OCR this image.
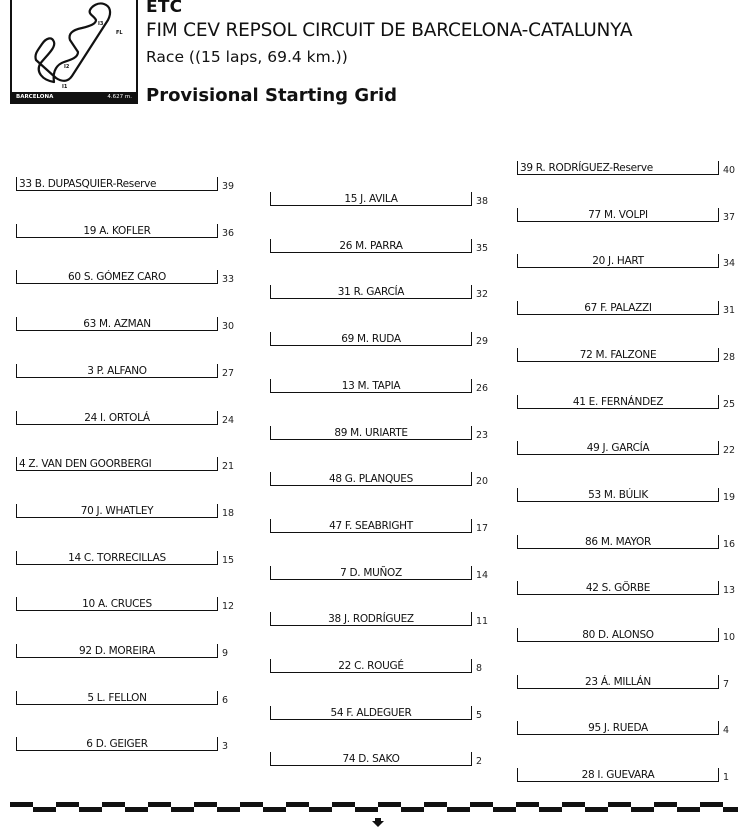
I3
FL
I2
I1
BARCELONA	4.627 m.
ETC
FIM CEV REPSOL CIRCUIT DE BARCELONA-CATALUNYA
Race ((15 laps, 69.4 km.))
Provisional Starting Grid
33 B. DUPASQUIER-Reserve	39
19 A. KOFLER	36
60 S. GÓMEZ CARO	33
63 M. AZMAN	30
3 P. ALFANO	27
24 I. ORTOLÁ	24
4 Z. VAN DEN GOORBERGI	21
70 J. WHATLEY	18
14 C. TORRECILLAS	15
10 A. CRUCES	12
92 D. MOREIRA	9
5 L. FELLON	6
6 D. GEIGER	3
15 J. AVILA	38
26 M. PARRA	35
31 R. GARCÍA	32
69 M. RUDA	29
13 M. TAPIA	26
89 M. URIARTE	23
48 G. PLANQUES	20
47 F. SEABRIGHT	17
7 D. MUÑOZ	14
38 J. RODRÍGUEZ	11
22 C. ROUGÉ	8
54 F. ALDEGUER	5
74 D. SAKO	2
39 R. RODRÍGUEZ-Reserve	40
77 M. VOLPI	37
20 J. HART	34
67 F. PALAZZI	31
72 M. FALZONE	28
41 E. FERNÁNDEZ	25
49 J. GARCÍA	22
53 M. BÚLIK	19
86 M. MAYOR	16
42 S. GÖRBE	13
80 D. ALONSO	10
23 Á. MILLÁN	7
95 J. RUEDA	4
28 I. GUEVARA	1
